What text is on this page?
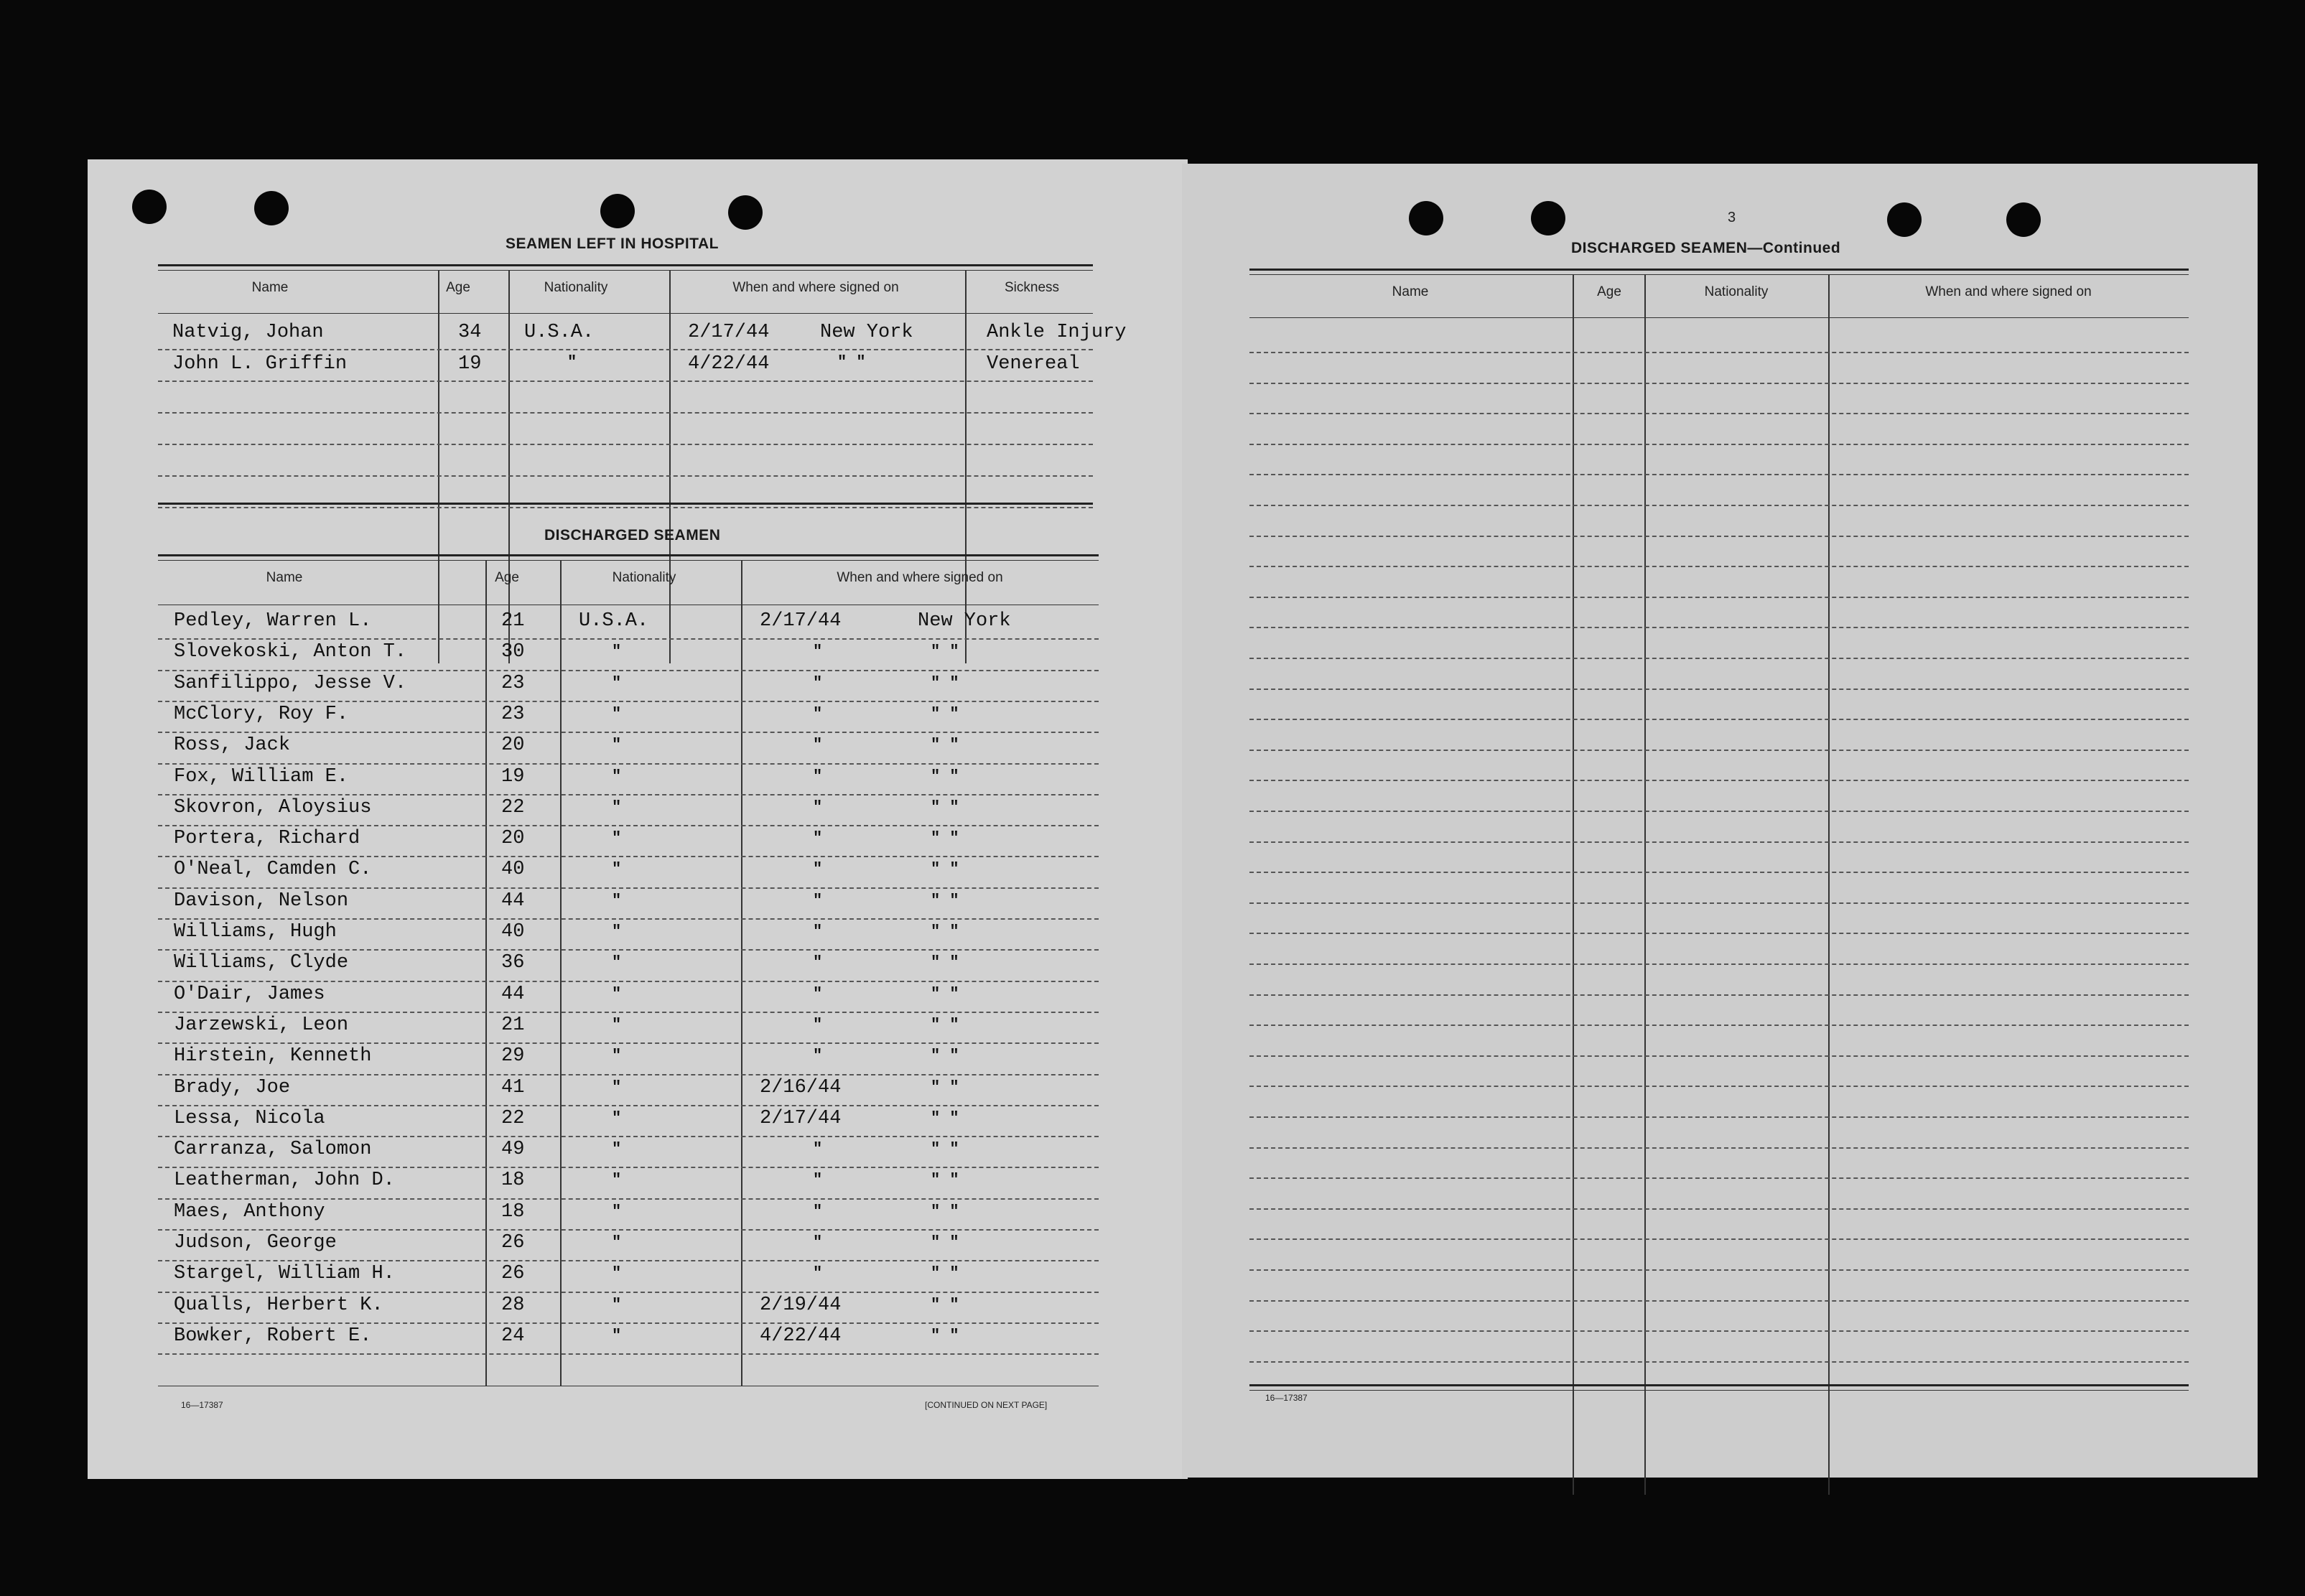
SEAMEN LEFT IN HOSPITAL
Name	Age	Nationality	When and where signed on	Sickness
Natvig, Johan	34 U.S.A.	2/17/44	New York	Ankle Injury
John L. Griffin	19	"	4/22/44	" "	Venereal
DISCHARGED SEAMEN
Name	Age	Nationality	When and where signed on
Pedley, Warren L.	21	U.S.A.	2/17/44	New York
Slovekoski, Anton T.	30	"	"	" "
Sanfilippo, Jesse V.	23	"	"	" "
McClory, Roy F.	23	"	"	" "
Ross, Jack	20	"	"	" "
Fox, William E.	19	"	"	" "
Skovron, Aloysius	22	"	"	" "
Portera, Richard	20	"	"	" "
O'Neal, Camden C.	40	"	"	" "
Davison, Nelson	44	"	"	" "
Williams, Hugh	40	"	"	" "
Williams, Clyde	36	"	"	" "
O'Dair, James	44	"	"	" "
Jarzewski, Leon	21	"	"	" "
Hirstein, Kenneth	29	"	"	" "
Brady, Joe	41	"	2/16/44	" "
Lessa, Nicola	22	"	2/17/44	" "
Carranza, Salomon	49	"	"	" "
Leatherman, John D.	18	"	"	" "
Maes, Anthony	18	"	"	" "
Judson, George	26	"	"	" "
Stargel, William H.	26	"	"	" "
Qualls, Herbert K.	28	"	2/19/44	" "
Bowker, Robert E.	24	"	4/22/44	" "
16—17387	[CONTINUED ON NEXT PAGE]
3
DISCHARGED SEAMEN—Continued
Name	Age	Nationality	When and where signed on
16—17387
